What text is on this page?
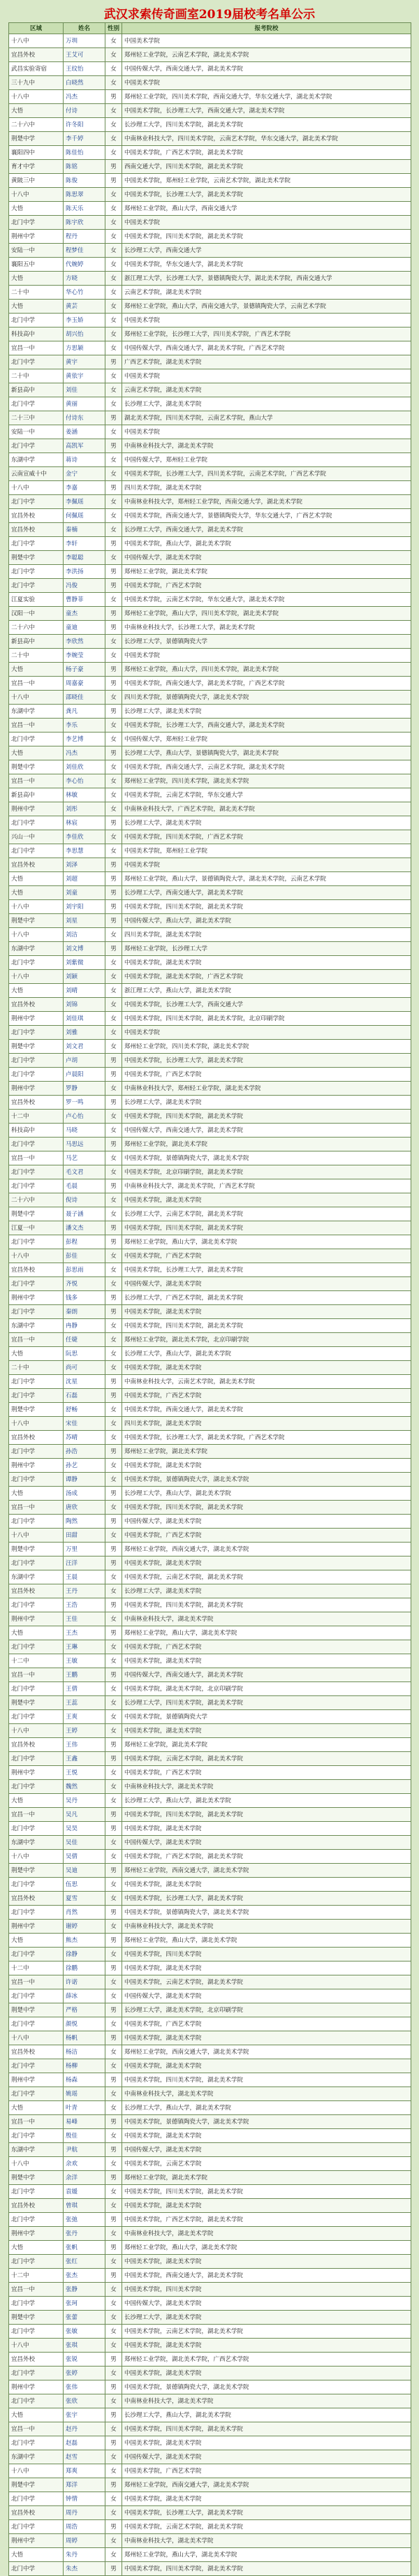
武汉求索传奇画室2019届校考名单公示
区域	姓名	性别	报考院校
十八中	万圳	女	中国美术学院
宜昌外校	王艾可	女	郑州轻工业学院，云南艺术学院，湖北美术学院
武昌实验寄宿	王纹怡	女	中国传媒大学，西南交通大学，湖北美术学院
三十九中	白晓然	女	中国美术学院
十八中	冯杰	男	郑州轻工业学院，四川美术学院，西南交通大学，华东交通大学，湖北美术学院
大悟	付诗	女	中国美术学院，长沙理工大学，西南交通大学，湖北美术学院
二十六中	许冬阳	女	长沙理工大学，四川美术学院，湖北美术学院
荆楚中学	李千婷	女	中南林业科技大学，四川美术学院，云南艺术学院，华东交通大学，湖北美术学院
襄阳四中	陈佳怡	女	中国美术学院，广西艺术学院，湖北美术学院
育才中学	陈铭	男	西南交通大学，四川美术学院，湖北美术学院
黄陂三中	陈俊	男	中国美术学院，郑州轻工业学院，云南艺术学院，湖北美术学院
十八中	陈思翠	女	中国美术学院，长沙理工大学，湖北美术学院
大悟	陈天乐	女	郑州轻工业学院，燕山大学，西南交通大学
北门中学	陈宇欣	女	中国美术学院
荆州中学	程丹	女	中国美术学院，四川美术学院，湖北美术学院
安陆一中	程梦佳	女	长沙理工大学，西南交通大学
襄阳五中	代婉婷	女	中国美术学院，华东交通大学，湖北美术学院
大悟	方晓	女	浙江理工大学，长沙理工大学，景德镇陶瓷大学，湖北美术学院，西南交通大学
二十中	华心竹	女	云南艺术学院，湖北美术学院
大悟	黄芸	女	郑州轻工业学院，燕山大学，西南交通大学，景德镇陶瓷大学，云南艺术学院
北门中学	李玉娇	女	中国美术学院
科技高中	胡兴怡	女	郑州轻工业学院，长沙理工大学，四川美术学院，广西艺术学院
宜昌一中	方思颖	女	中国传媒大学，西南交通大学，湖北美术学院，广西艺术学院
北门中学	黄宇	男	广西艺术学院，湖北美术学院
二十中	黄依宇	女	中国美术学院
新县高中	刘佳	女	云南艺术学院，湖北美术学院
北门中学	黄丽	女	长沙理工大学，湖北美术学院
二十三中	付诗东	男	湖北美术学院，四川美术学院，云南艺术学院，燕山大学
安陆一中	姜涵	女	中国美术学院
北门中学	高凯军	男	中南林业科技大学，湖北美术学院
东湖中学	蒋诗	女	中国传媒大学，郑州轻工业学院
云南宣威十中	金宁	女	中国美术学院，长沙理工大学，四川美术学院，云南艺术学院，广西艺术学院
十八中	李嘉	男	四川美术学院，湖北美术学院
北门中学	李佩瑶	女	中南林业科技大学，郑州轻工业学院，西南交通大学，湖北美术学院
宜昌外校	何佩瑶	女	中国美术学院，西南交通大学，景德镇陶瓷大学，华东交通大学，广西艺术学院
宜昌外校	秦楠	女	长沙理工大学，西南交通大学，湖北美术学院
北门中学	李轩	男	中国美术学院，燕山大学，湖北美术学院
荆楚中学	李聪聪	女	中国传媒大学，湖北美术学院
北门中学	李洪扬	男	郑州轻工业学院，湖北美术学院
北门中学	冯俊	男	中国美术学院，广西艺术学院
江夏实验	曹静菲	女	中国美术学院，云南艺术学院，华东交通大学，湖北美术学院
汉阳一中	童杰	男	郑州轻工业学院，燕山大学，四川美术学院，湖北美术学院
二十六中	童迪	男	中南林业科技大学，长沙理工大学，湖北美术学院
新县高中	李欣然	女	长沙理工大学，景德镇陶瓷大学
二十中	李婉莹	女	中国美术学院
大悟	杨子豪	男	郑州轻工业学院，燕山大学，四川美术学院，湖北美术学院
宜昌一中	周嘉豪	男	中国美术学院，西南交通大学，湖北美术学院，广西艺术学院
十八中	邵晓佳	女	四川美术学院，景德镇陶瓷大学，湖北美术学院
东湖中学	龚凡	男	长沙理工大学，湖北美术学院
宜昌一中	李乐	女	中国美术学院，长沙理工大学，西南交通大学，湖北美术学院
北门中学	李艺博	女	中国传媒大学，郑州轻工业学院
大悟	冯杰	男	长沙理工大学，燕山大学，景德镇陶瓷大学，湖北美术学院
荆楚中学	刘佳欣	女	中国美术学院，西南交通大学，云南艺术学院，湖北美术学院
宜昌一中	李心怡	女	郑州轻工业学院，四川美术学院，湖北美术学院
新县高中	林敏	女	中国美术学院，云南艺术学院，华东交通大学
荆州中学	刘彤	女	中南林业科技大学，广西艺术学院，湖北美术学院
北门中学	林宸	男	长沙理工大学，湖北美术学院
兴山一中	李佳欣	女	中国美术学院，四川美术学院，广西艺术学院
北门中学	李思慧	女	中国美术学院，郑州轻工业学院
宜昌外校	刘泽	男	中国美术学院
大悟	刘超	男	郑州轻工业学院，燕山大学，景德镇陶瓷大学，湖北美术学院，云南艺术学院
大悟	刘童	男	长沙理工大学，西南交通大学，湖北美术学院
十八中	刘宇阳	男	中国美术学院，四川美术学院，湖北美术学院
荆楚中学	刘星	男	中国传媒大学，燕山大学，湖北美术学院
十八中	刘洁	女	四川美术学院，湖北美术学院
东湖中学	刘文博	男	郑州轻工业学院，长沙理工大学
北门中学	刘紫微	女	中国美术学院，湖北美术学院
十八中	刘颖	女	中国美术学院，湖北美术学院，广西艺术学院
大悟	刘晴	女	浙江理工大学，燕山大学，湖北美术学院
宜昌外校	刘锦	女	中国美术学院，长沙理工大学，西南交通大学
荆州中学	刘佳琪	女	中国美术学院，四川美术学院，湖北美术学院，北京印刷学院
北门中学	刘雅	女	中国美术学院
荆楚中学	刘文君	女	郑州轻工业学院，四川美术学院，湖北美术学院
北门中学	卢胡	男	中国美术学院，长沙理工大学，湖北美术学院
北门中学	卢晨阳	男	中国美术学院，广西艺术学院
荆州中学	罗静	女	中南林业科技大学，郑州轻工业学院，湖北美术学院
宜昌外校	罗一鸣	男	长沙理工大学，湖北美术学院
十二中	卢心怡	女	中国美术学院，四川美术学院，湖北美术学院
科技高中	马晓	女	中国传媒大学，西南交通大学，湖北美术学院
北门中学	马思远	男	郑州轻工业学院，湖北美术学院
宜昌一中	马艺	女	中国美术学院，景德镇陶瓷大学，湖北美术学院
北门中学	毛文君	女	中国美术学院，北京印刷学院，湖北美术学院
北门中学	毛晨	男	中南林业科技大学，湖北美术学院，广西艺术学院
二十六中	倪诗	女	中国美术学院，湖北美术学院
荆楚中学	聂子涵	女	长沙理工大学，云南艺术学院，湖北美术学院
江夏一中	潘文杰	男	中国美术学院，四川美术学院，湖北美术学院
北门中学	彭程	男	郑州轻工业学院，燕山大学，湖北美术学院
十八中	彭佳	女	中国美术学院，广西艺术学院
宜昌外校	彭思雨	女	中国美术学院，长沙理工大学，湖北美术学院
北门中学	齐悦	女	中国传媒大学，湖北美术学院
荆州中学	钱多	男	长沙理工大学，广西艺术学院，湖北美术学院
北门中学	秦朗	男	中国美术学院，湖北美术学院
东湖中学	冉静	女	中国美术学院，四川美术学院，湖北美术学院
宜昌一中	任婕	女	郑州轻工业学院，湖北美术学院，北京印刷学院
大悟	阮思	女	长沙理工大学，燕山大学，湖北美术学院
二十中	尚可	女	中国美术学院，湖北美术学院
北门中学	沈星	男	中南林业科技大学，云南艺术学院，湖北美术学院
北门中学	石磊	男	中国美术学院，广西艺术学院
荆楚中学	舒畅	女	中国美术学院，西南交通大学，湖北美术学院
十八中	宋佳	女	四川美术学院，湖北美术学院
宜昌外校	苏晴	女	中国美术学院，长沙理工大学，湖北美术学院，广西艺术学院
北门中学	孙浩	男	郑州轻工业学院，湖北美术学院
荆州中学	孙艺	女	中国美术学院，湖北美术学院
北门中学	谭静	女	中国美术学院，景德镇陶瓷大学，湖北美术学院
大悟	汤成	男	长沙理工大学，燕山大学，湖北美术学院
宜昌一中	唐欣	女	中国美术学院，四川美术学院，湖北美术学院
北门中学	陶然	男	中国传媒大学，湖北美术学院
十八中	田甜	女	中国美术学院，广西艺术学院
荆楚中学	万里	男	郑州轻工业学院，西南交通大学，湖北美术学院
北门中学	汪洋	男	中国美术学院，湖北美术学院
东湖中学	王晨	女	中国美术学院，云南艺术学院，湖北美术学院
宜昌外校	王丹	女	长沙理工大学，湖北美术学院
北门中学	王浩	男	中国美术学院，四川美术学院，湖北美术学院
荆州中学	王佳	女	中南林业科技大学，湖北美术学院
大悟	王杰	男	郑州轻工业学院，燕山大学，湖北美术学院
北门中学	王琳	女	中国美术学院，广西艺术学院
十二中	王敏	女	中国美术学院，湖北美术学院
宜昌一中	王鹏	男	中国传媒大学，西南交通大学，湖北美术学院
北门中学	王倩	女	中国美术学院，湖北美术学院，北京印刷学院
荆楚中学	王蕊	女	长沙理工大学，四川美术学院，湖北美术学院
北门中学	王爽	女	中国美术学院，景德镇陶瓷大学
十八中	王婷	女	中国美术学院，湖北美术学院
宜昌外校	王伟	男	郑州轻工业学院，湖北美术学院
北门中学	王鑫	男	中国美术学院，云南艺术学院，湖北美术学院
荆州中学	王悦	女	中国美术学院，广西艺术学院
北门中学	魏然	女	中南林业科技大学，湖北美术学院
大悟	吴丹	女	长沙理工大学，燕山大学，湖北美术学院
宜昌一中	吴凡	男	中国美术学院，四川美术学院，湖北美术学院
北门中学	吴昊	男	中国美术学院，湖北美术学院
东湖中学	吴佳	女	中国传媒大学，湖北美术学院
十八中	吴倩	女	中国美术学院，广西艺术学院，湖北美术学院
荆楚中学	吴迪	男	郑州轻工业学院，西南交通大学，湖北美术学院
北门中学	伍思	女	中国美术学院，湖北美术学院
宜昌外校	夏雪	女	中国美术学院，长沙理工大学，湖北美术学院
北门中学	肖然	男	中国美术学院，景德镇陶瓷大学，湖北美术学院
荆州中学	谢婷	女	中南林业科技大学，湖北美术学院
大悟	熊杰	男	郑州轻工业学院，燕山大学，湖北美术学院
北门中学	徐静	女	中国美术学院，四川美术学院
十二中	徐鹏	男	中国美术学院，湖北美术学院
宜昌一中	许诺	女	中国美术学院，云南艺术学院，湖北美术学院
北门中学	薛冰	女	中国传媒大学，湖北美术学院
荆楚中学	严格	男	长沙理工大学，湖北美术学院，北京印刷学院
北门中学	颜悦	女	中国美术学院，广西艺术学院
十八中	杨帆	男	中国美术学院，湖北美术学院
宜昌外校	杨洁	女	郑州轻工业学院，西南交通大学，湖北美术学院
北门中学	杨柳	女	中国美术学院，湖北美术学院
荆州中学	杨森	男	中国美术学院，四川美术学院，湖北美术学院
北门中学	姚瑶	女	中南林业科技大学，湖北美术学院
大悟	叶青	女	长沙理工大学，燕山大学，湖北美术学院
宜昌一中	易峰	男	中国美术学院，景德镇陶瓷大学，湖北美术学院
北门中学	殷佳	女	中国美术学院，湖北美术学院
东湖中学	尹航	男	中国传媒大学，湖北美术学院
十八中	余欢	女	中国美术学院，云南艺术学院
荆楚中学	余洋	男	郑州轻工业学院，湖北美术学院
北门中学	袁媛	女	中国美术学院，四川美术学院，湖北美术学院
宜昌外校	曾琪	女	中国美术学院，湖北美术学院
北门中学	张弛	男	中国美术学院，广西艺术学院，湖北美术学院
荆州中学	张丹	女	中南林业科技大学，湖北美术学院
大悟	张帆	男	郑州轻工业学院，燕山大学，湖北美术学院
北门中学	张红	女	中国美术学院，湖北美术学院
十二中	张杰	男	中国美术学院，西南交通大学，湖北美术学院
宜昌一中	张静	女	中国美术学院，四川美术学院
北门中学	张珂	女	中国传媒大学，湖北美术学院
荆楚中学	张蕾	女	长沙理工大学，湖北美术学院
北门中学	张敏	女	中国美术学院，云南艺术学院，湖北美术学院
十八中	张琪	女	中国美术学院，湖北美术学院
宜昌外校	张锐	男	郑州轻工业学院，湖北美术学院，广西艺术学院
北门中学	张婷	女	中国美术学院，湖北美术学院
荆州中学	张伟	男	中国美术学院，景德镇陶瓷大学，湖北美术学院
北门中学	张欣	女	中南林业科技大学，湖北美术学院
大悟	张宇	男	长沙理工大学，燕山大学，湖北美术学院
宜昌一中	赵丹	女	中国美术学院，四川美术学院，湖北美术学院
北门中学	赵磊	男	中国美术学院，湖北美术学院
东湖中学	赵雪	女	中国传媒大学，湖北美术学院
十八中	郑爽	女	中国美术学院，广西艺术学院
荆楚中学	郑洋	男	郑州轻工业学院，西南交通大学，湖北美术学院
北门中学	钟情	女	中国美术学院，湖北美术学院
宜昌外校	周丹	女	中国美术学院，长沙理工大学，湖北美术学院
北门中学	周浩	男	中国美术学院，云南艺术学院，湖北美术学院
荆州中学	周婷	女	中南林业科技大学，湖北美术学院
大悟	朱丹	女	郑州轻工业学院，燕山大学，湖北美术学院
北门中学	朱杰	男	中国美术学院，四川美术学院，湖北美术学院
